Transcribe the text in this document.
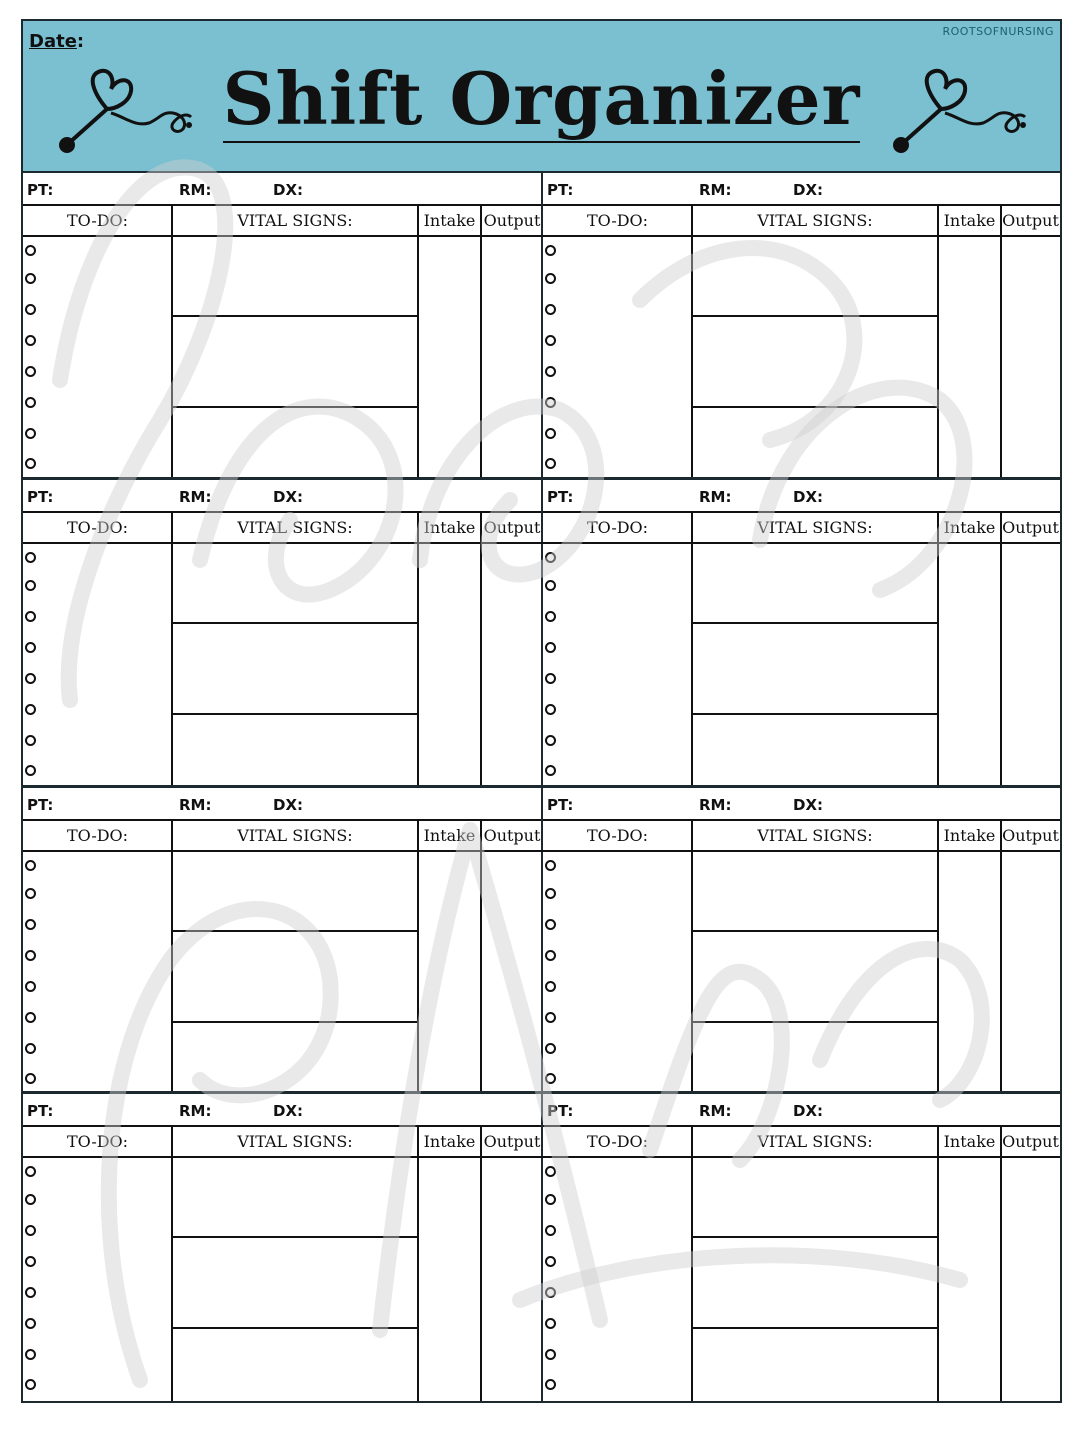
Date:	ROOTSOFNURSING
Shift Organizer
PT:	RM:	DX:
TO-DO:	VITAL SIGNS:	Intake Output
PT:	RM:	DX:
TO-DO:	VITAL SIGNS:	Intake Output
PT:	RM:	DX:
TO-DO:	VITAL SIGNS:	Intake Output
PT:	RM:	DX:
TO-DO:	VITAL SIGNS:	Intake Output
PT:	RM:	DX:
TO-DO:	VITAL SIGNS:	Intake Output
PT:	RM:	DX:
TO-DO:	VITAL SIGNS:	Intake Output
PT:	RM:	DX:
TO-DO:	VITAL SIGNS:	Intake Output
PT:	RM:	DX:
TO-DO:	VITAL SIGNS:	Intake Output
